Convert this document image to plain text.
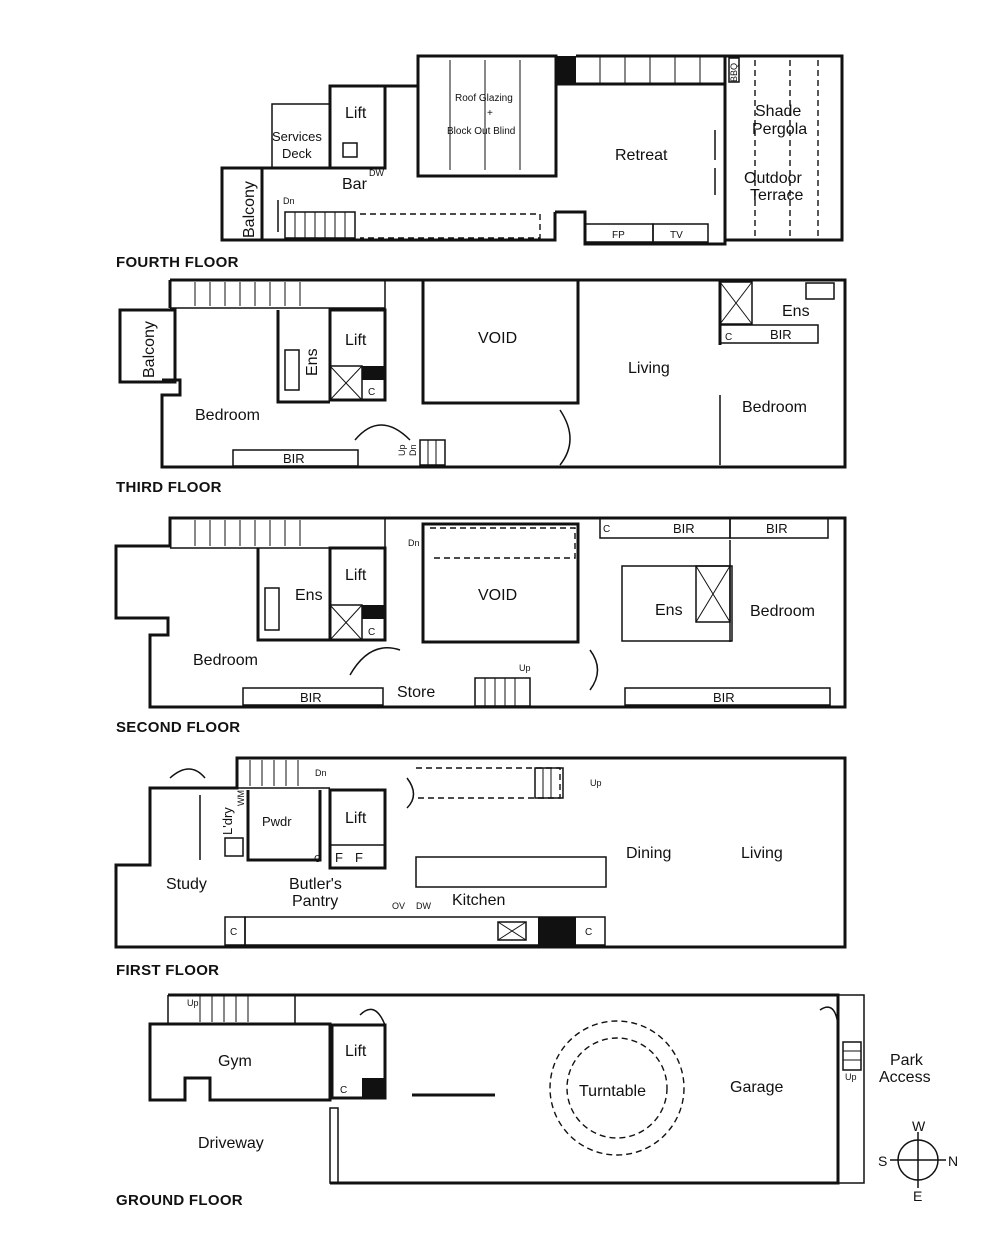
Lift
Services
Deck
Balcony	Bar
DW
Dn
Roof Glazing
+
Block Out Blind
Retreat
FP	TV
BBQ
Shade
Pergola
Outdoor
Terrace
FOURTH FLOOR
Balcony
Bedroom
BIR
Ens
Lift
C
Up Dn
VOID
Living
Ens
C	BIR
Bedroom
THIRD FLOOR
Bedroom
Ens
Lift
C
BIR	Store
Dn
Up
VOID
C	BIR	BIR
Ens	Bedroom
BIR
SECOND FLOOR
Dn
Up
L'dry
WM
Pwdr	Lift
C F F
Study	Butler's
Pantry	OV DW Kitchen
Dining	Living
C	C
FIRST FLOOR
Up
Gym
Lift
C
Driveway
Turntable	Garage
Up
Park
Access
GROUND FLOOR
W
N
E
S
